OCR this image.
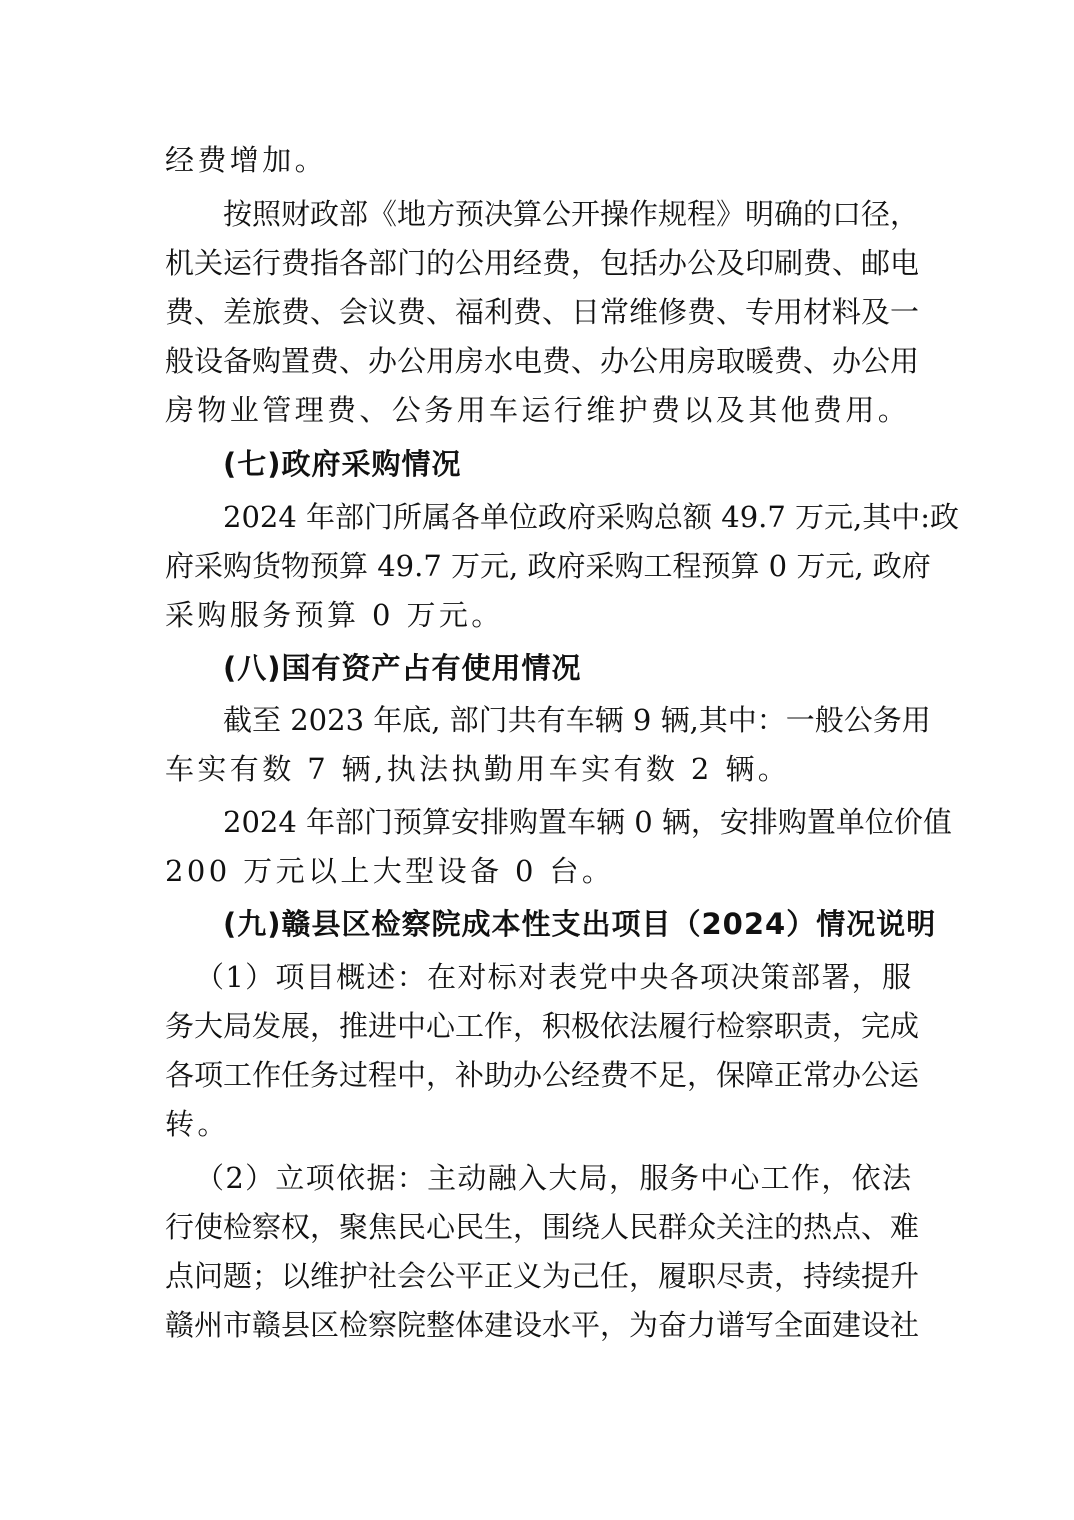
经费增加。
按照财政部《地方预决算公开操作规程》明确的口径，
机关运行费指各部门的公用经费，包括办公及印刷费、邮电
费、差旅费、会议费、福利费、日常维修费、专用材料及一
般设备购置费、办公用房水电费、办公用房取暖费、办公用
房物业管理费、公务用车运行维护费以及其他费用。
(七)政府采购情况
2024 年部门所属各单位政府采购总额 49.7 万元,其中:政
府采购货物预算 49.7 万元, 政府采购工程预算 0 万元, 政府
采购服务预算 0 万元。
(八)国有资产占有使用情况
截至 2023 年底, 部门共有车辆 9 辆,其中：一般公务用
车实有数 7 辆,执法执勤用车实有数 2 辆。
2024 年部门预算安排购置车辆 0 辆，安排购置单位价值
200 万元以上大型设备 0 台。
(九)赣县区检察院成本性支出项目（2024）情况说明
（1）项目概述：在对标对表党中央各项决策部署，服
务大局发展，推进中心工作，积极依法履行检察职责，完成
各项工作任务过程中，补助办公经费不足，保障正常办公运
转。
（2）立项依据：主动融入大局，服务中心工作，依法
行使检察权，聚焦民心民生，围绕人民群众关注的热点、难
点问题；以维护社会公平正义为己任，履职尽责，持续提升
赣州市赣县区检察院整体建设水平，为奋力谱写全面建设社
